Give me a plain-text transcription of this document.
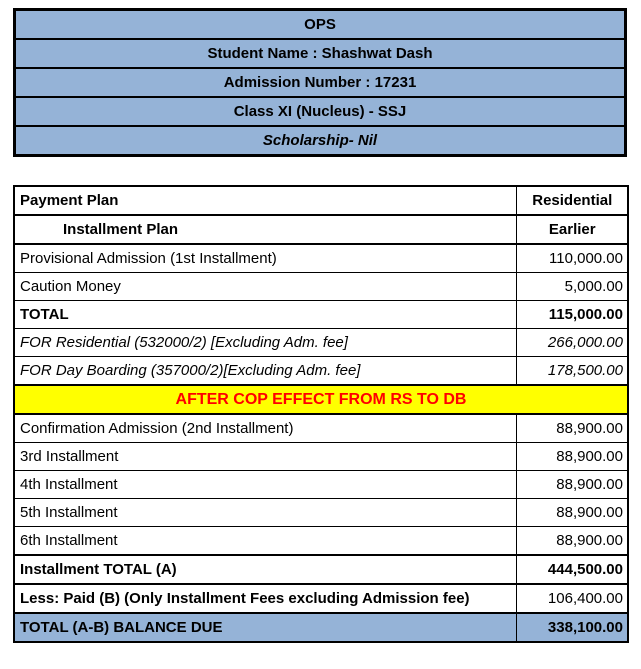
OPS
Student Name : Shashwat Dash
Admission Number : 17231
Class XI (Nucleus) - SSJ
Scholarship- Nil
Payment Plan	Residential
Installment Plan	Earlier
Provisional Admission (1st Installment)	110,000.00
Caution Money	5,000.00
TOTAL	115,000.00
FOR Residential (532000/2) [Excluding Adm. fee]	266,000.00
FOR Day Boarding (357000/2)[Excluding Adm. fee]	178,500.00
AFTER COP EFFECT FROM RS TO DB	
Confirmation Admission (2nd Installment)	88,900.00
3rd Installment	88,900.00
4th Installment	88,900.00
5th Installment	88,900.00
6th Installment	88,900.00
Installment TOTAL (A)	444,500.00
Less: Paid (B) (Only Installment Fees excluding Admission fee)	106,400.00
TOTAL (A-B) BALANCE DUE	338,100.00
